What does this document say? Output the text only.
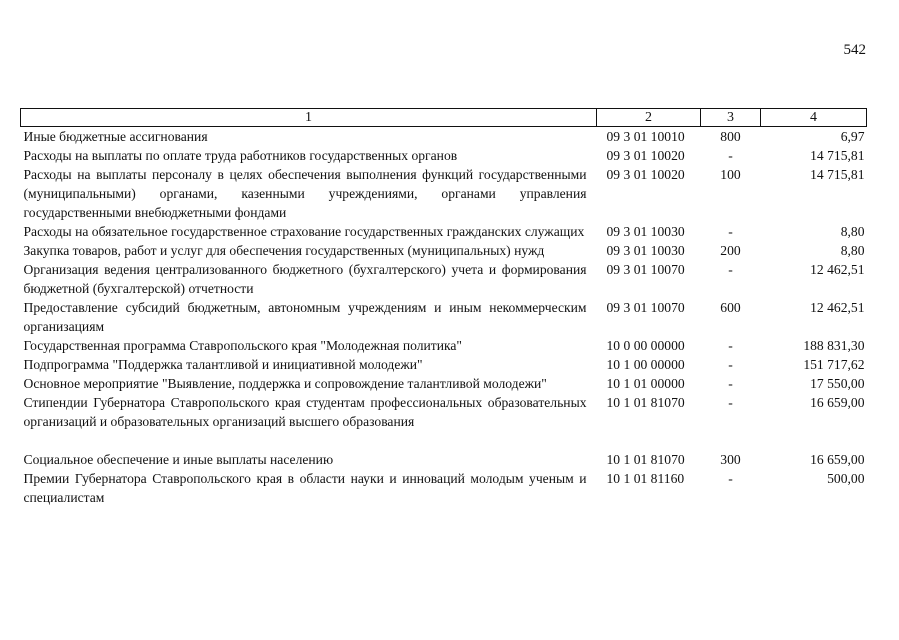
542
1	2	3	4
Иные бюджетные ассигнования	09 3 01 10010	800	6,97
Расходы на выплаты по оплате труда работников государственных органов	09 3 01 10020	-	14 715,81
Расходы на выплаты персоналу в целях обеспечения выполнения функций государственными (муниципальными) органами, казенными учреждениями, органами управления государственными внебюджетными фондами	09 3 01 10020	100	14 715,81
Расходы на обязательное государственное страхование государственных гражданских служащих	09 3 01 10030	-	8,80
Закупка товаров, работ и услуг для обеспечения государственных (муниципальных) нужд	09 3 01 10030	200	8,80
Организация ведения централизованного бюджетного (бухгалтерского) учета и формирования бюджетной (бухгалтерской) отчетности	09 3 01 10070	-	12 462,51
Предоставление субсидий бюджетным, автономным учреждениям и иным некоммерческим организациям	09 3 01 10070	600	12 462,51
Государственная программа Ставропольского края "Молодежная политика"	10 0 00 00000	-	188 831,30
Подпрограмма "Поддержка талантливой и инициативной молодежи"	10 1 00 00000	-	151 717,62
Основное мероприятие "Выявление, поддержка и сопровождение талантливой молодежи"	10 1 01 00000	-	17 550,00
Стипендии Губернатора Ставропольского края студентам профессиональных образовательных организаций и образовательных организаций высшего образования	10 1 01 81070	-	16 659,00
Социальное обеспечение и иные выплаты населению	10 1 01 81070	300	16 659,00
Премии Губернатора Ставропольского края в области науки и инноваций молодым ученым и специалистам	10 1 01 81160	-	500,00
